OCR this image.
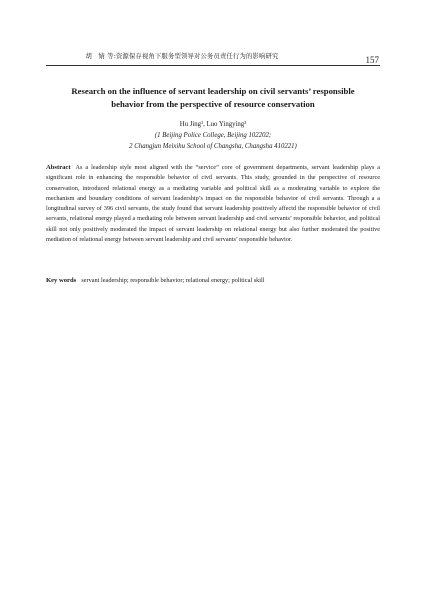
胡　婧 等:资源保存视角下服务型领导对公务员责任行为的影响研究	157
Research on the influence of servant leadership on civil servants’ responsible
behavior from the perspective of resource conservation
Hu Jing¹, Luo Yingying²
(1 Beijing Police College, Beijing 102202;
2 Changjun Meixihu School of Changsha, Changsha 410221)
Abstract As a leadership style most aligned with the “service” core of government departments, servant leadership plays a significant role in enhancing the responsible behavior of civil servants. This study, grounded in the perspective of resource conservation, introduced relational energy as a mediating variable and political skill as a moderating variable to explore the mechanism and boundary conditions of servant leadership’s impact on the responsible behavior of civil servants. Through a a longitudinal survey of 396 civil servants, the study found that servant leadership positively affectd the responsible behavior of civil servants, relational energy played a mediating role between servant leadership and civil servants’ responsible behavior, and political skill not only positively moderated the impact of servant leadership on relational energy but also further moderated the positive mediation of relational energy between servant leadership and civil servants’ responsible behavior.
Key words servant leadership; responsible behavior; relational energy; political skill
